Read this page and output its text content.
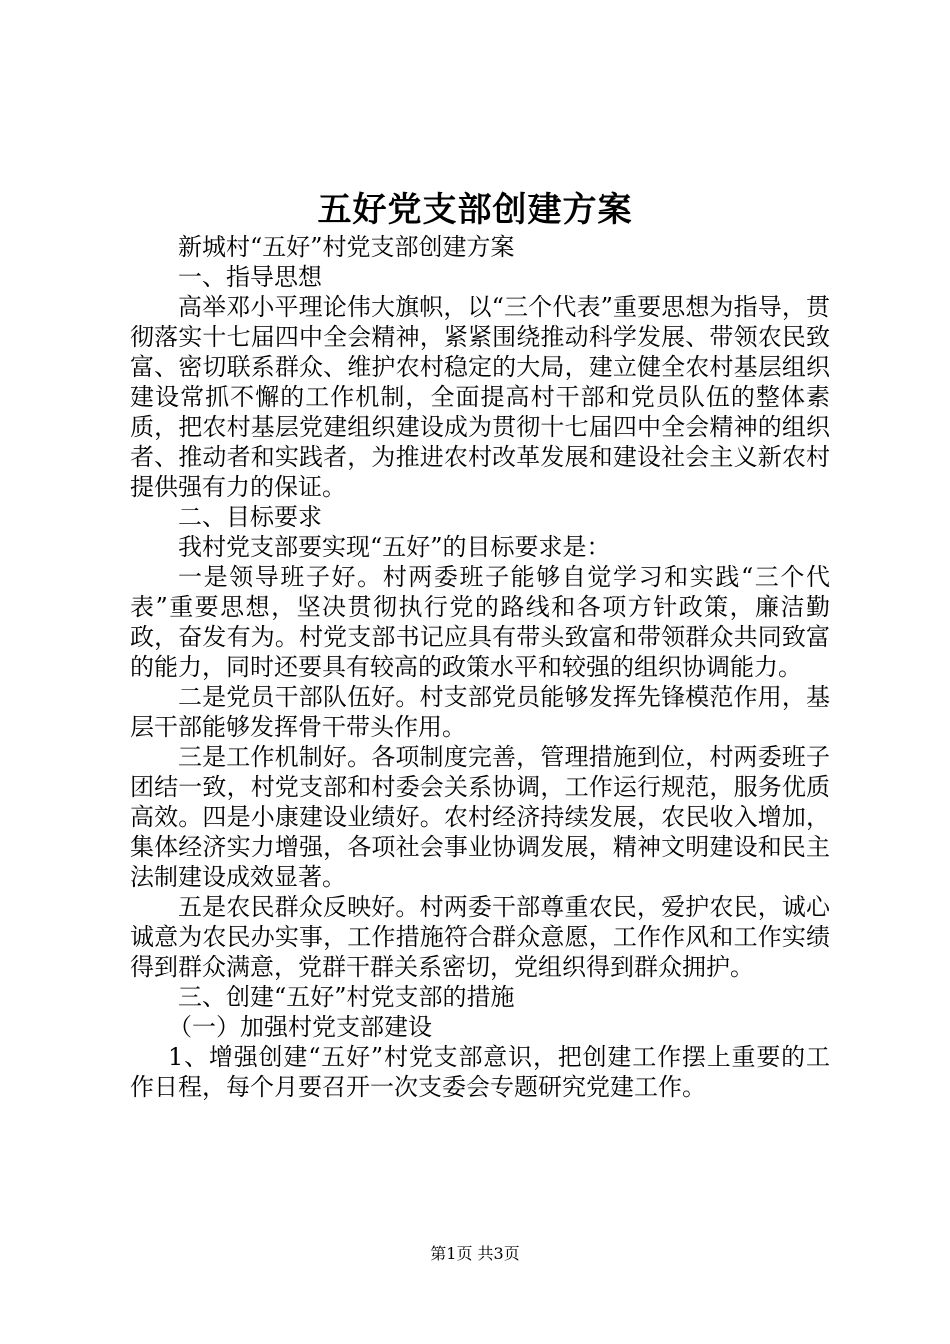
五好党支部创建方案

新城村“五好”村党支部创建方案

一、指导思想

高举邓小平理论伟大旗帜，以“三个代表”重要思想为指导，贯彻落实十七届四中全会精神，紧紧围绕推动科学发展、带领农民致富、密切联系群众、维护农村稳定的大局，建立健全农村基层组织建设常抓不懈的工作机制，全面提高村干部和党员队伍的整体素质，把农村基层党建组织建设成为贯彻十七届四中全会精神的组织者、推动者和实践者，为推进农村改革发展和建设社会主义新农村提供强有力的保证。

二、目标要求

我村党支部要实现“五好”的目标要求是：

一是领导班子好。村两委班子能够自觉学习和实践“三个代表”重要思想，坚决贯彻执行党的路线和各项方针政策，廉洁勤政，奋发有为。村党支部书记应具有带头致富和带领群众共同致富的能力，同时还要具有较高的政策水平和较强的组织协调能力。

二是党员干部队伍好。村支部党员能够发挥先锋模范作用，基层干部能够发挥骨干带头作用。

三是工作机制好。各项制度完善，管理措施到位，村两委班子团结一致，村党支部和村委会关系协调，工作运行规范，服务优质高效。四是小康建设业绩好。农村经济持续发展，农民收入增加，集体经济实力增强，各项社会事业协调发展，精神文明建设和民主法制建设成效显著。

五是农民群众反映好。村两委干部尊重农民，爱护农民，诚心诚意为农民办实事，工作措施符合群众意愿，工作作风和工作实绩得到群众满意，党群干群关系密切，党组织得到群众拥护。

三、创建“五好”村党支部的措施

（一）加强村党支部建设

1、增强创建“五好”村党支部意识，把创建工作摆上重要的工作日程，每个月要召开一次支委会专题研究党建工作。

第1页 共3页
